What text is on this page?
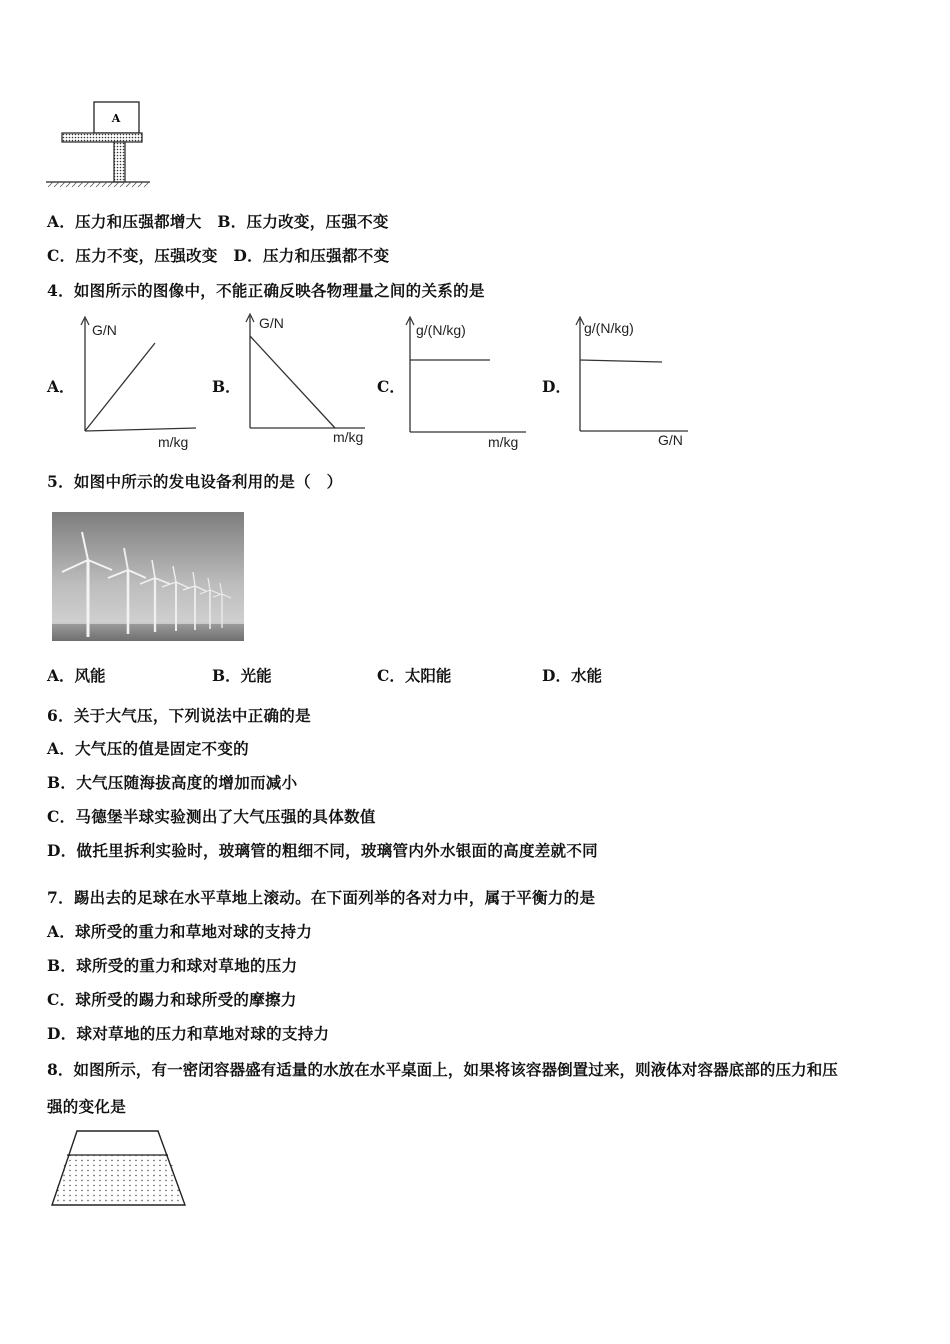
A
A．压力和压强都增大　B．压力改变，压强不变
C．压力不变，压强改变　D．压力和压强都不变
4．如图所示的图像中，不能正确反映各物理量之间的关系的是
A．
G/N
m/kg
B．
G/N
m/kg
C．
g/(N/kg)
m/kg
D．
g/(N/kg)
G/N
5．如图中所示的发电设备利用的是（　）
A．风能	B．光能	C．太阳能	D．水能
6．关于大气压，下列说法中正确的是
A．大气压的值是固定不变的
B．大气压随海拔高度的增加而减小
C．马德堡半球实验测出了大气压强的具体数值
D．做托里拆利实验时，玻璃管的粗细不同，玻璃管内外水银面的高度差就不同
7．踢出去的足球在水平草地上滚动。在下面列举的各对力中，属于平衡力的是
A．球所受的重力和草地对球的支持力
B．球所受的重力和球对草地的压力
C．球所受的踢力和球所受的摩擦力
D．球对草地的压力和草地对球的支持力
8．如图所示，有一密闭容器盛有适量的水放在水平桌面上，如果将该容器倒置过来，则液体对容器底部的压力和压
强的变化是
